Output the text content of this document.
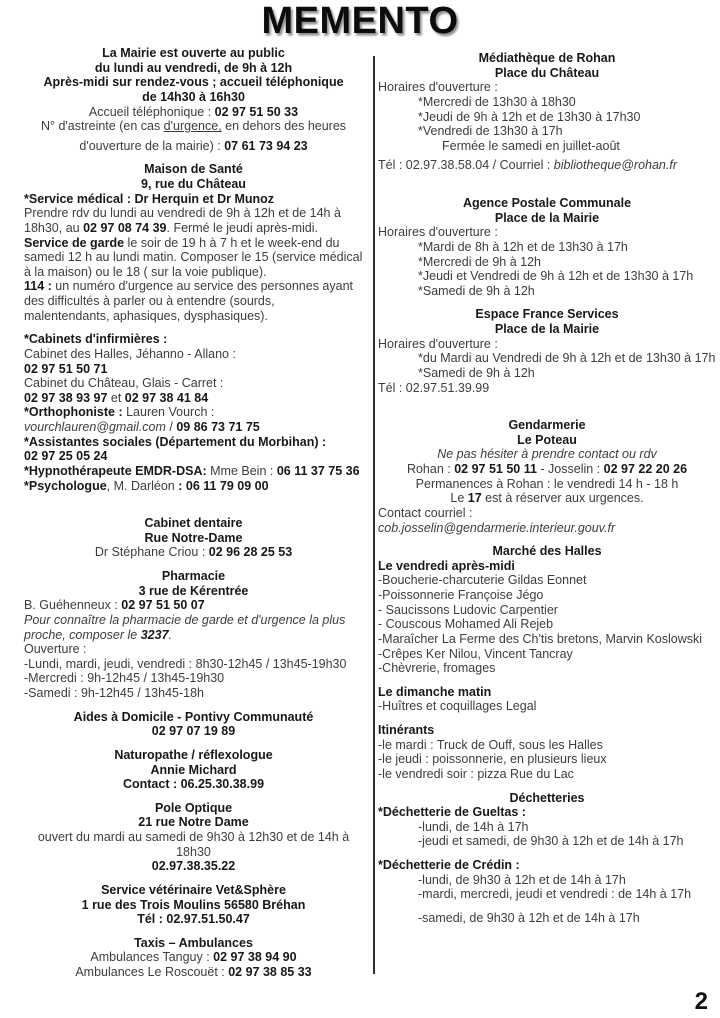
MEMENTO
La Mairie est ouverte au public
du lundi au vendredi, de 9h à 12h
Après-midi sur rendez-vous ; accueil téléphonique
de 14h30 à 16h30
Accueil téléphonique : 02 97 51 50 33
N° d'astreinte (en cas d'urgence, en dehors des heures
d'ouverture de la mairie) : 07 61 73 94 23
Maison de Santé
9, rue du Château
*Service médical : Dr Herquin et Dr Munoz
Prendre rdv du lundi au vendredi de 9h à 12h et de 14h à 18h30, au 02 97 08 74 39. Fermé le jeudi après-midi.
Service de garde le soir de 19 h à 7 h et le week-end du samedi 12 h au lundi matin. Composer le 15 (service médical à la maison) ou le 18 ( sur la voie publique).
114 : un numéro d'urgence au service des personnes ayant des difficultés à parler ou à entendre (sourds, malentendants, aphasiques, dysphasiques).
*Cabinets d'infirmières :
Cabinet des Halles, Jéhanno - Allano :
02 97 51 50 71
Cabinet du Château, Glais - Carret :
02 97 38 93 97 et 02 97 38 41 84
*Orthophoniste : Lauren Vourch :
vourchlauren@gmail.com / 09 86 73 71 75
*Assistantes sociales (Département du Morbihan) :
02 97 25 05 24
*Hypnothérapeute EMDR-DSA: Mme Bein : 06 11 37 75 36
*Psychologue, M. Darléon : 06 11 79 09 00
Cabinet dentaire
Rue Notre-Dame
Dr Stéphane Criou : 02 96 28 25 53
Pharmacie
3 rue de Kérentrée
B. Guéhenneux : 02 97 51 50 07
Pour connaître la pharmacie de garde et d'urgence la plus proche, composer le 3237.
Ouverture :
-Lundi, mardi, jeudi, vendredi : 8h30-12h45 / 13h45-19h30
-Mercredi : 9h-12h45 / 13h45-19h30
-Samedi : 9h-12h45 / 13h45-18h
Aides à Domicile - Pontivy Communauté
02 97 07 19 89
Naturopathe / réflexologue
Annie Michard
Contact : 06.25.30.38.99
Pole Optique
21 rue Notre Dame
ouvert du mardi au samedi de 9h30 à 12h30 et de 14h à 18h30
02.97.38.35.22
Service vétérinaire Vet&Sphère
1 rue des Trois Moulins 56580 Bréhan
Tél : 02.97.51.50.47
Taxis – Ambulances
Ambulances Tanguy : 02 97 38 94 90
Ambulances Le Roscouët : 02 97 38 85 33
Médiathèque de Rohan
Place du Château
Horaires d'ouverture :
*Mercredi de 13h30 à 18h30
*Jeudi de 9h à 12h et de 13h30 à 17h30
*Vendredi de 13h30 à 17h
Fermée le samedi en juillet-août
Tél : 02.97.38.58.04 / Courriel : bibliotheque@rohan.fr
Agence Postale Communale
Place de la Mairie
Horaires d'ouverture :
*Mardi de 8h à 12h et de 13h30 à 17h
*Mercredi de 9h à 12h
*Jeudi et Vendredi de 9h à 12h et de 13h30 à 17h
*Samedi de 9h à 12h
Espace France Services
Place de la Mairie
Horaires d'ouverture :
*du Mardi au Vendredi de 9h à 12h et de 13h30 à 17h
*Samedi de 9h à 12h
Tél : 02.97.51.39.99
Gendarmerie
Le Poteau
Ne pas hésiter à prendre contact ou rdv
Rohan : 02 97 51 50 11 - Josselin : 02 97 22 20 26
Permanences à Rohan : le vendredi 14 h - 18 h
Le 17 est à réserver aux urgences.
Contact courriel :
cob.josselin@gendarmerie.interieur.gouv.fr
Marché des Halles
Le vendredi après-midi
-Boucherie-charcuterie Gildas Eonnet
-Poissonnerie Françoise Jégo
- Saucissons Ludovic Carpentier
- Couscous Mohamed Ali Rejeb
-Maraîcher La Ferme des Ch'tis bretons, Marvin Koslowski
-Crêpes Ker Nilou, Vincent Tancray
-Chèvrerie, fromages
Le dimanche matin
-Huîtres et coquillages Legal
Itinérants
-le mardi : Truck de Ouff, sous les Halles
-le jeudi : poissonnerie, en plusieurs lieux
-le vendredi soir : pizza Rue du Lac
Déchetteries
*Déchetterie de Gueltas :
-lundi, de 14h à 17h
-jeudi et samedi, de 9h30 à 12h et de 14h à 17h
*Déchetterie de Crédin :
-lundi, de 9h30 à 12h et de 14h à 17h
-mardi, mercredi, jeudi et vendredi : de 14h à 17h
-samedi, de 9h30 à 12h et de 14h à 17h
2
